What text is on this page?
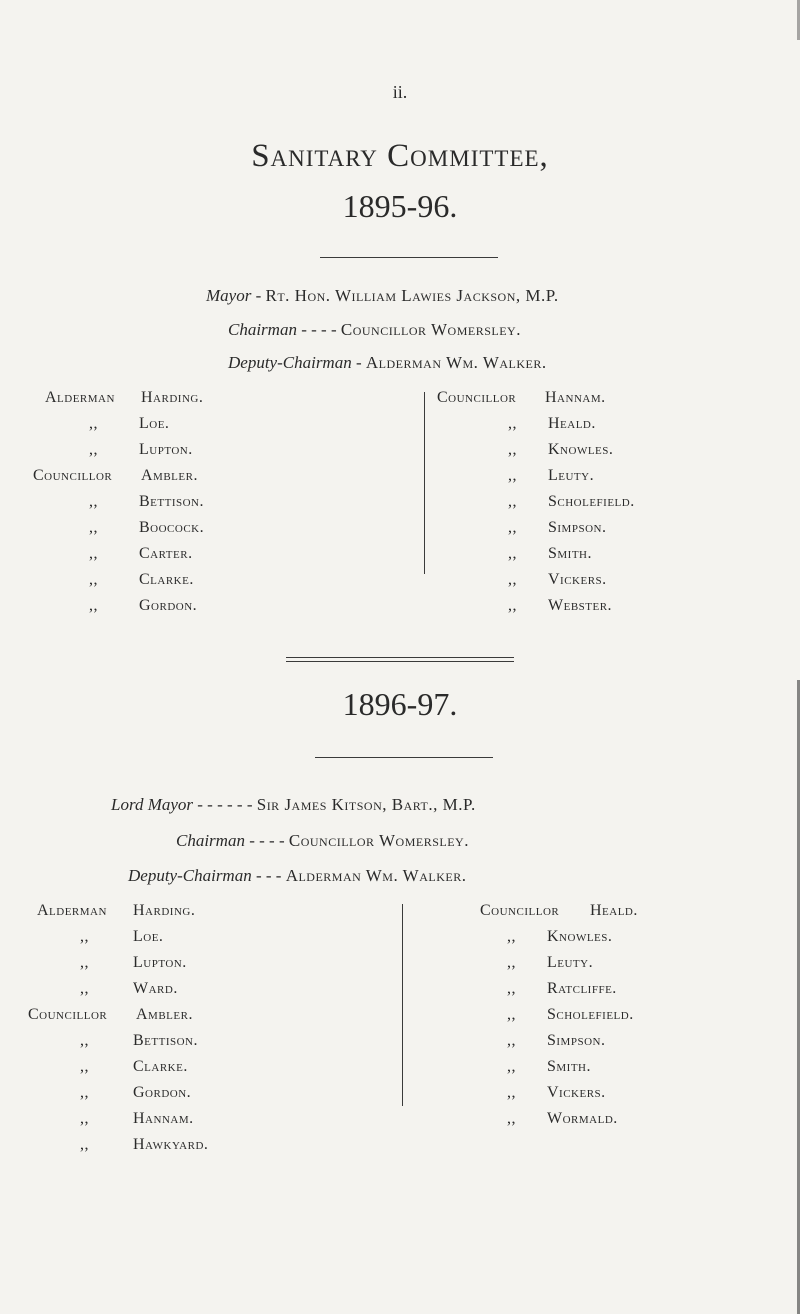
ii.
Sanitary Committee,
1895-96.
Mayor - Rt. Hon. William Lawies Jackson, M.P.
Chairman - - - - Councillor Womersley.
Deputy-Chairman - Alderman Wm. Walker.
Alderman Harding.
,,	Loe.
,,	Lupton.
Councillor Ambler.
,,	Bettison.
,,	Boocock.
,,	Carter.
,,	Clarke.
,,	Gordon.
Councillor Hannam.
,, Heald.
,, Knowles.
,, Leuty.
,, Scholefield.
,, Simpson.
,, Smith.
,, Vickers.
,, Webster.
1896-97.
Lord Mayor - - - - - - Sir James Kitson, Bart., M.P.
Chairman - - - - Councillor Womersley.
Deputy-Chairman - - - Alderman Wm. Walker.
Alderman Harding.
,,	Loe.
,,	Lupton.
,,	Ward.
Councillor Ambler.
,,	Bettison.
,,	Clarke.
,,	Gordon.
,,	Hannam.
,,	Hawkyard.
Councillor Heald.
,, Knowles.
,, Leuty.
,, Ratcliffe.
,, Scholefield.
,, Simpson.
,, Smith.
,, Vickers.
,, Wormald.
